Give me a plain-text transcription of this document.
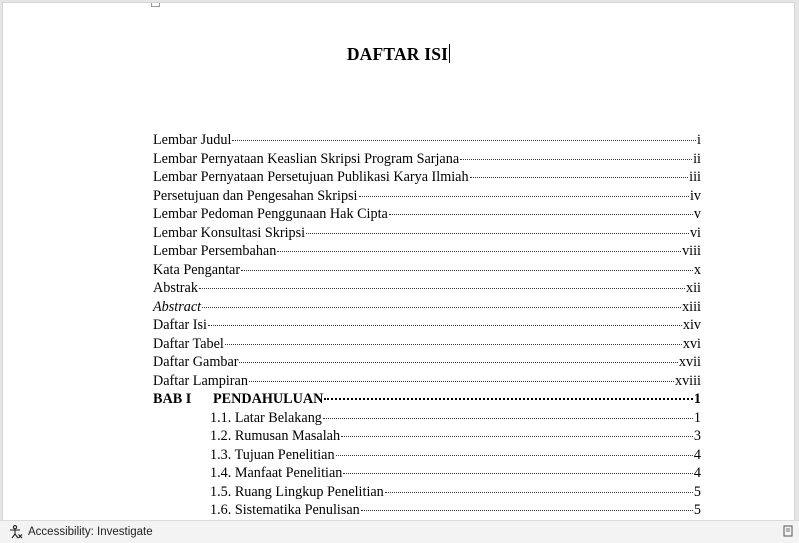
DAFTAR ISI
Lembar Judul	i
Lembar Pernyataan Keaslian Skripsi Program Sarjana	ii
Lembar Pernyataan Persetujuan Publikasi Karya Ilmiah	iii
Persetujuan dan Pengesahan Skripsi	iv
Lembar Pedoman Penggunaan Hak Cipta	v
Lembar Konsultasi Skripsi	vi
Lembar Persembahan	viii
Kata Pengantar	x
Abstrak	xii
Abstract	xiii
Daftar Isi	xiv
Daftar Tabel	xvi
Daftar Gambar	xvii
Daftar Lampiran	xviii
BAB I PENDAHULUAN	1
1.1. Latar Belakang	1
1.2. Rumusan Masalah	3
1.3. Tujuan Penelitian	4
1.4. Manfaat Penelitian	4
1.5. Ruang Lingkup Penelitian	5
1.6. Sistematika Penulisan	5
Accessibility: Investigate
